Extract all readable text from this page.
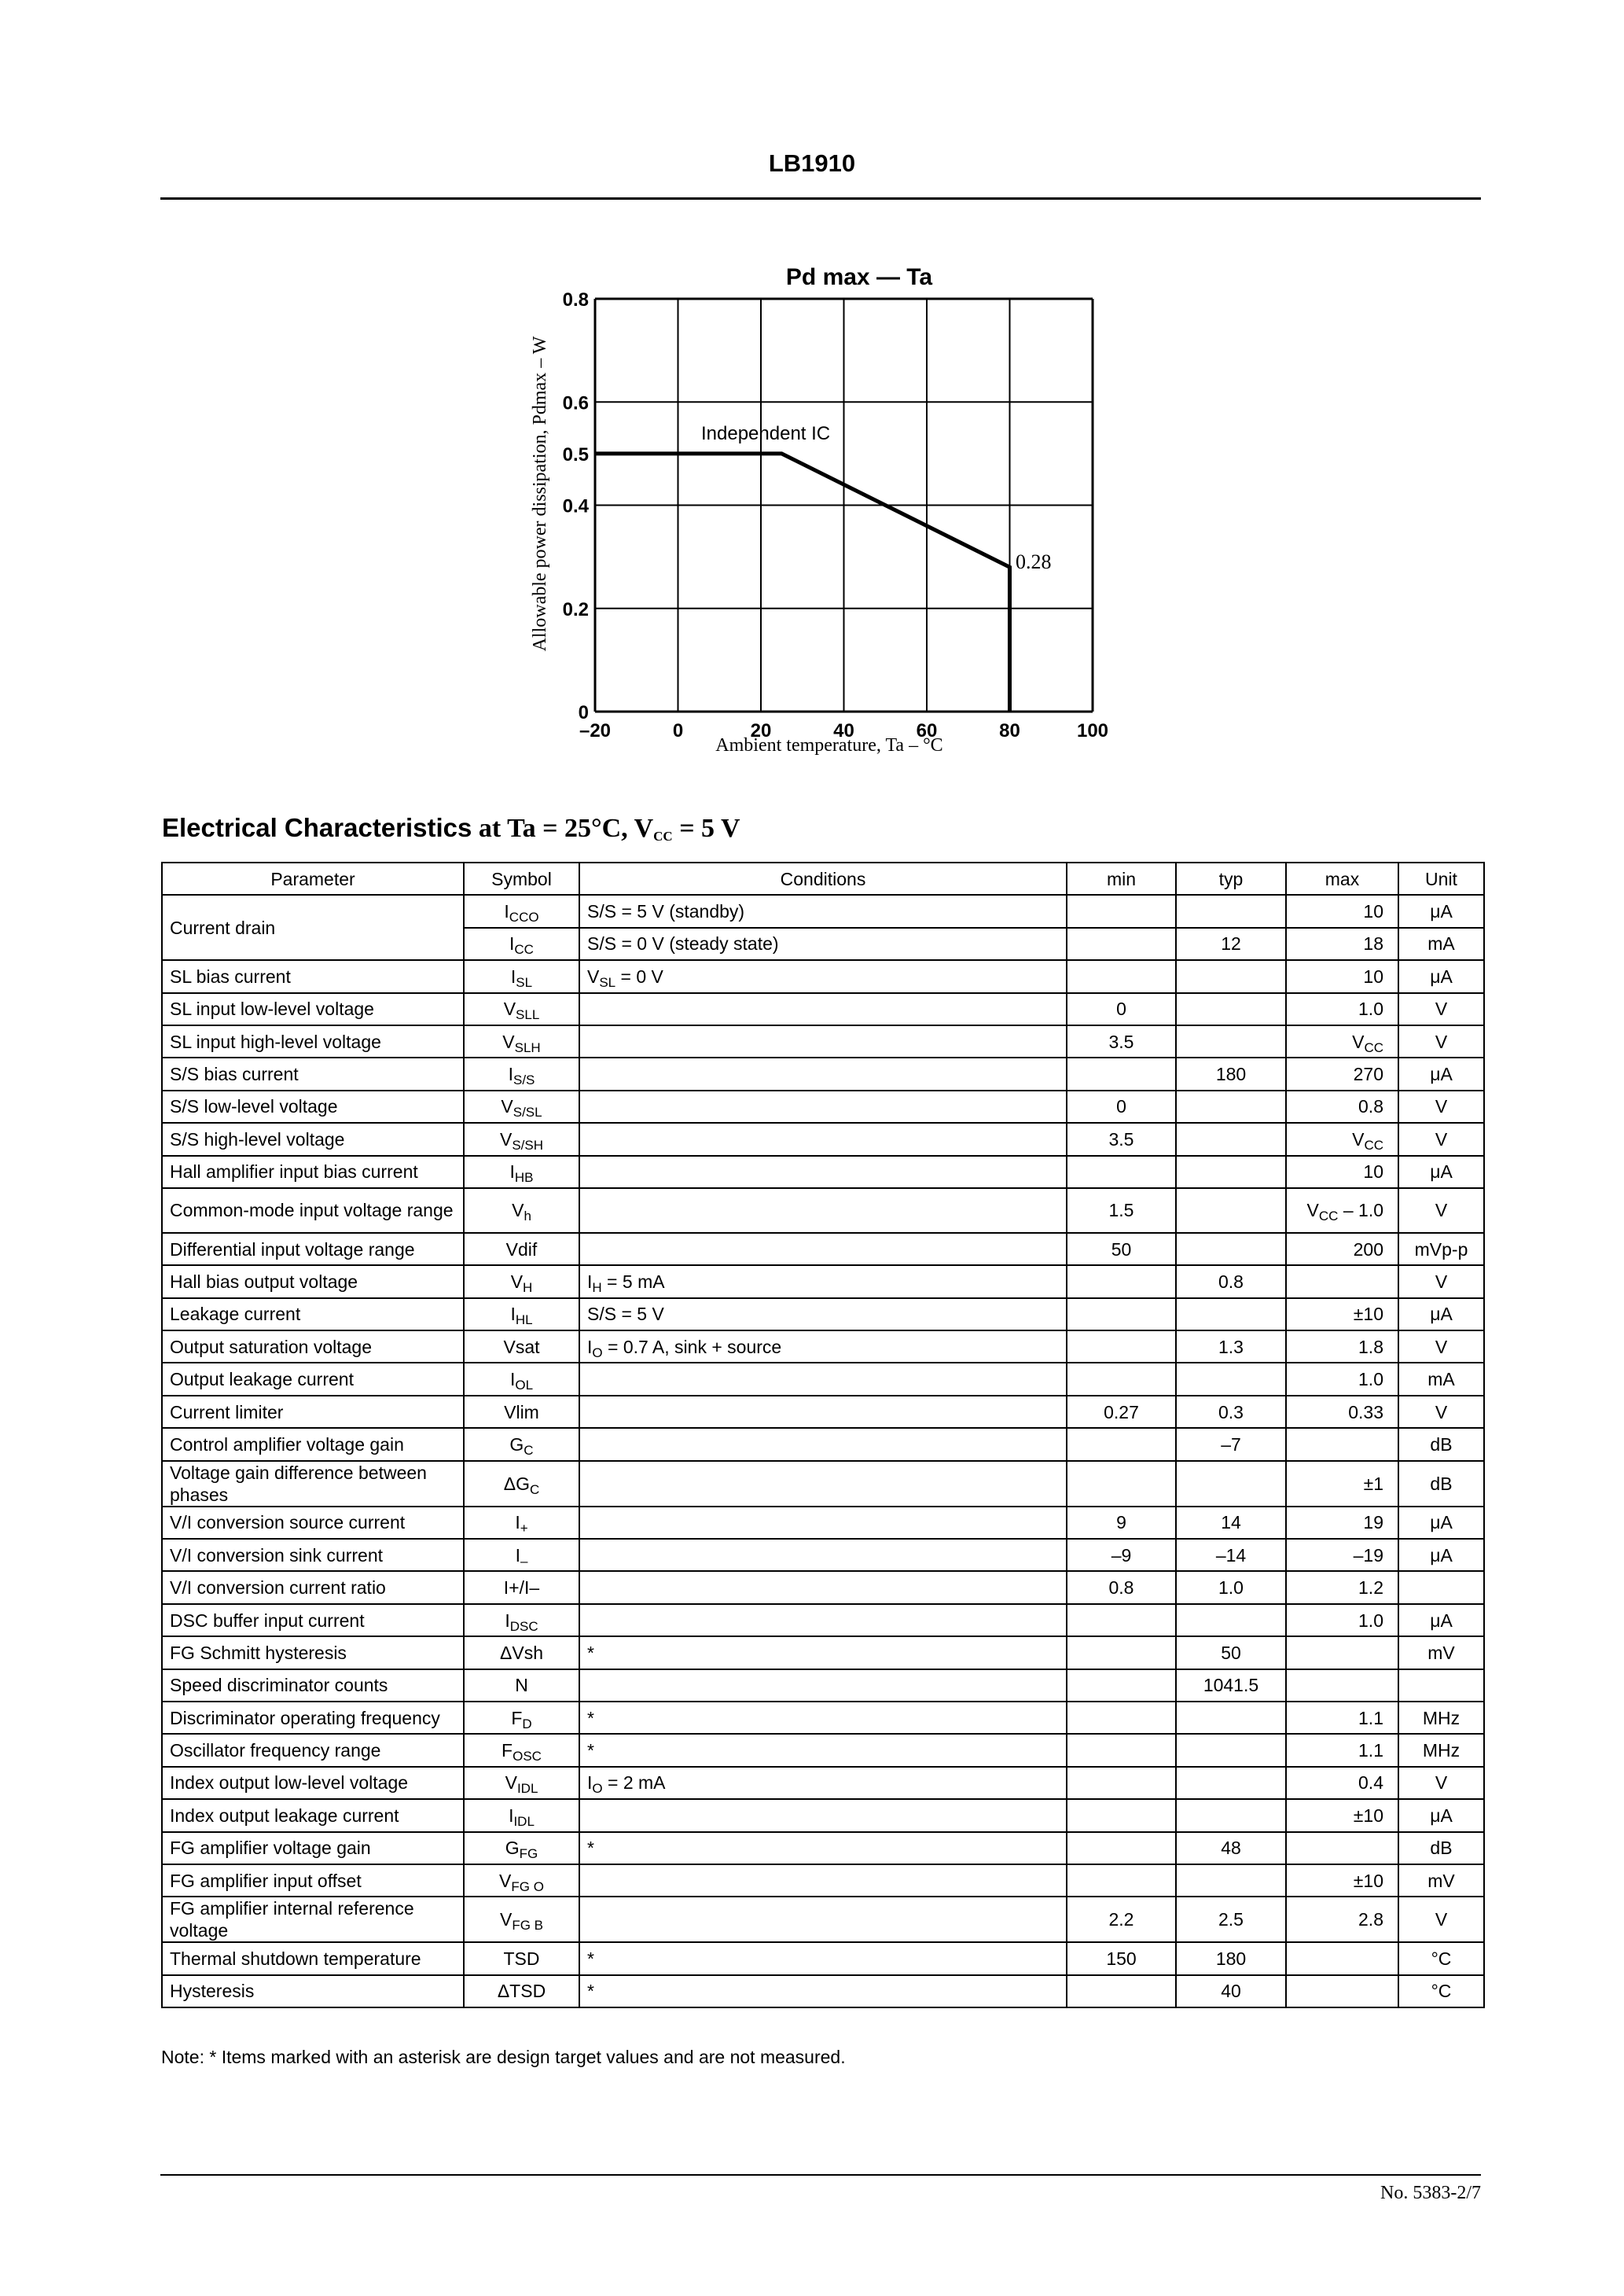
LB1910
Pd max — Ta
–20	0	20	40	60	80	100
0
0.2
0.4
0.5
0.6
0.8
Independent IC
0.28
Ambient temperature, Ta – °C
Allowable power dissipation, Pdmax – W
Electrical Characteristics at Ta = 25°C, $V_{CC} = 5$ V
Parameter	Symbol	Conditions	min	typ	max	Unit
Current drain	$I_{CCO}$	S/S = 5 V (standby)			10	μA
	$I_{CC}$	S/S = 0 V (steady state)		12	18	mA
SL bias current	$I_{SL}$	$V_{SL} = 0$ V			10	μA
SL input low-level voltage	$V_{SLL}$		0		1.0	V
SL input high-level voltage	$V_{SLH}$		3.5		$V_{CC}$	V
S/S bias current	$I_{S/S}$			180	270	μA
S/S low-level voltage	$V_{S/SL}$		0		0.8	V
S/S high-level voltage	$V_{S/SH}$		3.5		$V_{CC}$	V
Hall amplifier input bias current	$I_{HB}$				10	μA
Common-mode input voltage range	$V_h$		1.5		$V_{CC} - 1.0$	V
Differential input voltage range	Vdif		50		200	mVp-p
Hall bias output voltage	$V_H$	$I_H = 5$ mA		0.8		V
Leakage current	$I_{HL}$	S/S = 5 V			±10	μA
Output saturation voltage	Vsat	$I_O = 0.7$ A, sink + source		1.3	1.8	V
Output leakage current	$I_{OL}$				1.0	mA
Current limiter	Vlim		0.27	0.3	0.33	V
Control amplifier voltage gain	$G_C$			–7		dB
Voltage gain difference between phases	$\Delta G_C$				±1	dB
V/I conversion source current	$I_+$		9	14	19	μA
V/I conversion sink current	$I_-$		–9	–14	–19	μA
V/I conversion current ratio	I+/I–		0.8	1.0	1.2	
DSC buffer input current	$I_{DSC}$				1.0	μA
FG Schmitt hysteresis	ΔVsh	*		50		mV
Speed discriminator counts	N			1041.5		
Discriminator operating frequency	$F_D$	*			1.1	MHz
Oscillator frequency range	$F_{OSC}$	*			1.1	MHz
Index output low-level voltage	$V_{IDL}$	$I_O = 2$ mA			0.4	V
Index output leakage current	$I_{IDL}$				±10	μA
FG amplifier voltage gain	$G_{FG}$	*		48		dB
FG amplifier input offset	$V_{FG O}$				±10	mV
FG amplifier internal reference voltage	$V_{FG B}$		2.2	2.5	2.8	V
Thermal shutdown temperature	TSD	*	150	180		°C
Hysteresis	ΔTSD	*		40		°C
Note: * Items marked with an asterisk are design target values and are not measured.
No. 5383-2/7
